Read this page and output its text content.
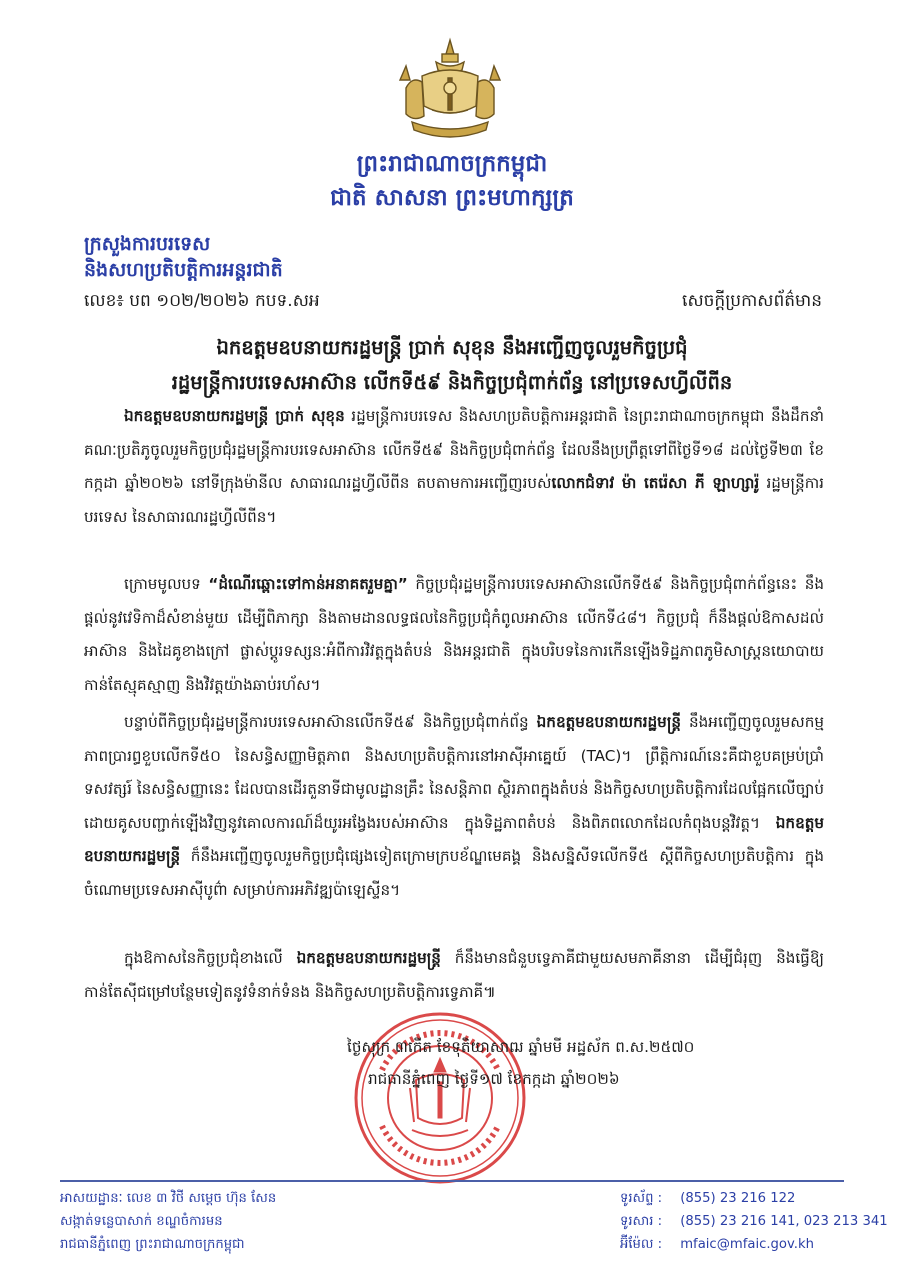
ព្រះរាជាណាចក្រកម្ពុជា
ជាតិ សាសនា ព្រះមហាក្សត្រ
ក្រសួងការបរទេស
និងសហប្រតិបត្តិការអន្តរជាតិ
លេខ៖ បព ១០២/២០២៦ កបទ.សអ	សេចក្តីប្រកាសព័ត៌មាន
ឯកឧត្តមឧបនាយករដ្ឋមន្ត្រី ប្រាក់ សុខុន នឹងអញ្ជើញចូលរួមកិច្ចប្រជុំ
រដ្ឋមន្ត្រីការបរទេសអាស៊ាន លើកទី៥៩ និងកិច្ចប្រជុំពាក់ព័ន្ធ នៅប្រទេសហ្វីលីពីន
ឯកឧត្តមឧបនាយករដ្ឋមន្ត្រី ប្រាក់ សុខុន រដ្ឋមន្ត្រីការបរទេស និងសហប្រតិបត្តិការអន្តរជាតិ នៃព្រះរាជាណាចក្រកម្ពុជា នឹងដឹកនាំគណៈប្រតិភូចូលរួមកិច្ចប្រជុំរដ្ឋមន្ត្រីការបរទេសអាស៊ាន លើកទី៥៩ និងកិច្ចប្រជុំពាក់ព័ន្ធ ដែលនឹងប្រព្រឹត្តទៅពីថ្ងៃទី១៨ ដល់ថ្ងៃទី២៣ ខែកក្កដា ឆ្នាំ២០២៦ នៅទីក្រុងម៉ានីល សាធារណរដ្ឋហ្វីលីពីន តបតាមការអញ្ជើញរបស់លោកជំទាវ ម៉ា តេរ៉េសា ភី ឡាហ្សារ៉ូ រដ្ឋមន្ត្រីការបរទេស នៃសាធារណរដ្ឋហ្វីលីពីន។
ក្រោមមូលបទ “ដំណើរឆ្ពោះទៅកាន់អនាគតរួមគ្នា” កិច្ចប្រជុំរដ្ឋមន្ត្រីការបរទេសអាស៊ានលើកទី៥៩ និងកិច្ចប្រជុំពាក់ព័ន្ធនេះ នឹងផ្តល់នូវវេទិកាដ៏សំខាន់មួយ ដើម្បីពិភាក្សា និងតាមដានលទ្ធផលនៃកិច្ចប្រជុំកំពូលអាស៊ាន លើកទី៤៨។ កិច្ចប្រជុំ ក៏នឹងផ្តល់ឱកាសដល់អាស៊ាន និងដៃគូខាងក្រៅ ផ្លាស់ប្តូរទស្សនៈអំពីការវិវត្តក្នុងតំបន់ និងអន្តរជាតិ ក្នុងបរិបទនៃការកើនឡើងទិដ្ឋភាពភូមិសាស្ត្រនយោបាយកាន់តែស្មុគស្មាញ និងវិវត្តយ៉ាងឆាប់រហ័ស។
បន្ទាប់ពីកិច្ចប្រជុំរដ្ឋមន្ត្រីការបរទេសអាស៊ានលើកទី៥៩ និងកិច្ចប្រជុំពាក់ព័ន្ធ ឯកឧត្តមឧបនាយករដ្ឋមន្ត្រី នឹងអញ្ជើញចូលរួមសកម្មភាពប្រារព្ធខួបលើកទី៥០ នៃសន្ធិសញ្ញាមិត្តភាព និងសហប្រតិបត្តិការនៅអាស៊ីអាគ្នេយ៍ (TAC)។ ព្រឹត្តិការណ៍នេះគឺជាខួបគម្រប់ប្រាំទសវត្សរ៍ នៃសន្ធិសញ្ញានេះ ដែលបានដើរតួនាទីជាមូលដ្ឋានគ្រឹះ នៃសន្តិភាព ស្ថិរភាពក្នុងតំបន់ និងកិច្ចសហប្រតិបត្តិការដែលផ្អែកលើច្បាប់ ដោយគូសបញ្ជាក់ឡើងវិញនូវគោលការណ៍ដ៏យូរអង្វែងរបស់អាស៊ាន ក្នុងទិដ្ឋភាពតំបន់ និងពិភពលោកដែលកំពុងបន្តវិវត្ត។ ឯកឧត្តមឧបនាយករដ្ឋមន្ត្រី ក៏នឹងអញ្ជើញចូលរួមកិច្ចប្រជុំផ្សេងទៀតក្រោមក្របខ័ណ្ឌមេគង្គ និងសន្និសីទលើកទី៥ ស្តីពីកិច្ចសហប្រតិបត្តិការ ក្នុងចំណោមប្រទេសអាស៊ីបូព៌ា សម្រាប់ការអភិវឌ្ឍប៉ាឡេស្ទីន។
ក្នុងឱកាសនៃកិច្ចប្រជុំខាងលើ ឯកឧត្តមឧបនាយករដ្ឋមន្ត្រី ក៏នឹងមានជំនួបទ្វេភាគីជាមួយសមភាគីនានា ដើម្បីជំរុញ និងធ្វើឱ្យកាន់តែស៊ីជម្រៅបន្ថែមទៀតនូវទំនាក់ទំនង និងកិច្ចសហប្រតិបត្តិការទ្វេភាគី៕
ថ្ងៃសុក្រ ៣កើត ខែទុតិយាសាឍ ឆ្នាំមមី អដ្ឋស័ក ព.ស.២៥៧០
រាជធានីភ្នំពេញ ថ្ងៃទី១៧ ខែកក្កដា ឆ្នាំ២០២៦
អាសយដ្ឋានៈ លេខ ៣ វិថី សម្តេច ហ៊ុន សែន
សង្កាត់ទន្លេបាសាក់ ខណ្ឌចំការមន
រាជធានីភ្នំពេញ ព្រះរាជាណាចក្រកម្ពុជា
ទូរស័ព្ទ : (855) 23 216 122
ទូរសារ : (855) 23 216 141, 023 213 341
អ៊ីម៉ែល : mfaic@mfaic.gov.kh
